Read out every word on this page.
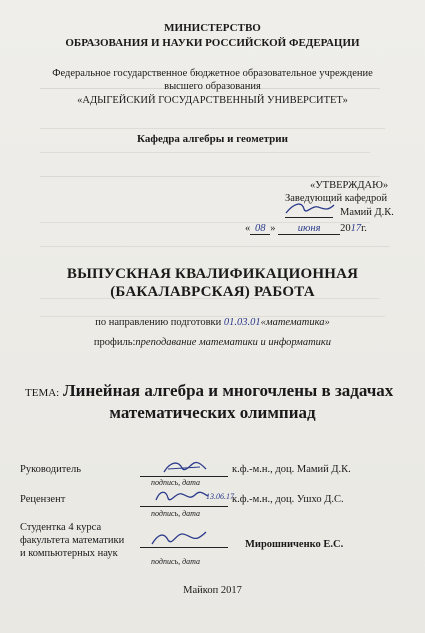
МИНИСТЕРСТВО
ОБРАЗОВАНИЯ И НАУКИ РОССИЙСКОЙ ФЕДЕРАЦИИ
Федеральное государственное бюджетное образовательное учреждение
высшего образования
«АДЫГЕЙСКИЙ ГОСУДАРСТВЕННЫЙ УНИВЕРСИТЕТ»
Кафедра алгебры и геометрии
«УТВЕРЖДАЮ»
Заведующий кафедрой
Мамий Д.К.
« 08 » июня 2017г.
ВЫПУСКНАЯ КВАЛИФИКАЦИОННАЯ
(БАКАЛАВРСКАЯ) РАБОТА
по направлению подготовки 01.03.01«математика»
профиль:преподавание математики и информатики
ТЕМА: Линейная алгебра и многочлены в задачах
математических олимпиад
Руководитель
подпись, дата
к.ф.-м.н., доц. Мамий Д.К.
Рецензент	13.06.17
подпись, дата
к.ф.-м.н., доц. Ушхо Д.С.
Студентка 4 курса
факультета математики
и компьютерных наук
подпись, дата
Мирошниченко Е.С.
Майкоп 2017
